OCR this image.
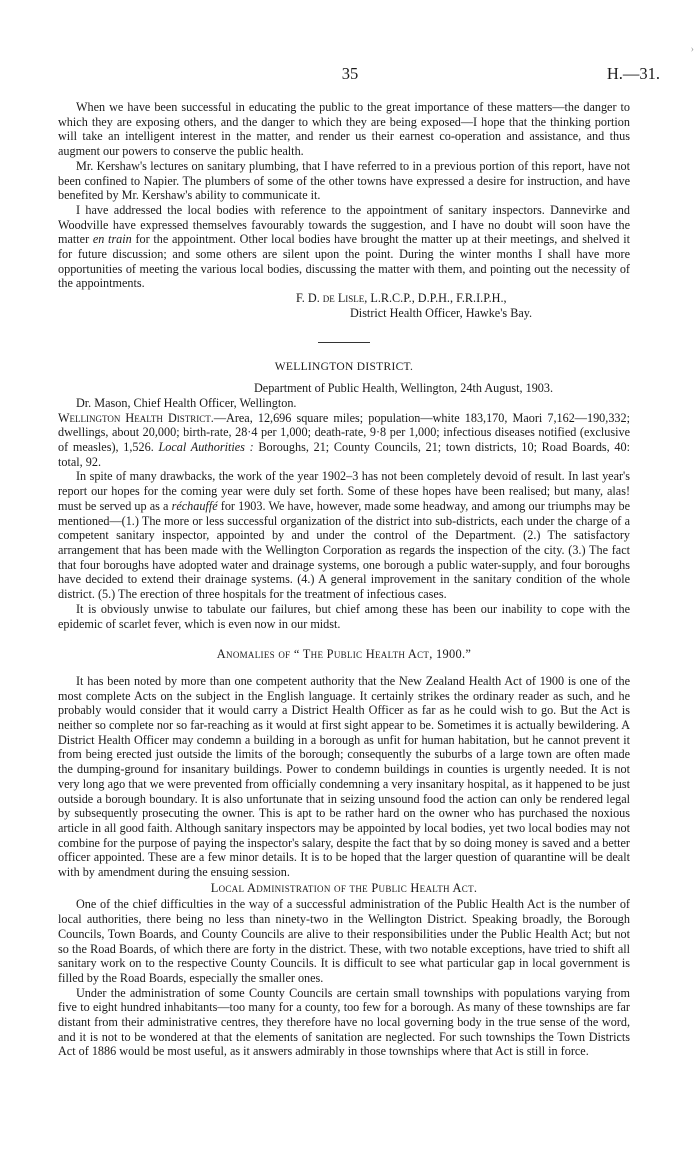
›
35	H.—31.

When we have been successful in educating the public to the great importance of these matters—the danger to which they are exposing others, and the danger to which they are being exposed—I hope that the thinking portion will take an intelligent interest in the matter, and render us their earnest co-operation and assistance, and thus augment our powers to conserve the public health.

Mr. Kershaw's lectures on sanitary plumbing, that I have referred to in a previous portion of this report, have not been confined to Napier. The plumbers of some of the other towns have expressed a desire for instruction, and have benefited by Mr. Kershaw's ability to communicate it.

I have addressed the local bodies with reference to the appointment of sanitary inspectors. Dannevirke and Woodville have expressed themselves favourably towards the suggestion, and I have no doubt will soon have the matter en train for the appointment. Other local bodies have brought the matter up at their meetings, and shelved it for future discussion; and some others are silent upon the point. During the winter months I shall have more opportunities of meeting the various local bodies, discussing the matter with them, and pointing out the necessity of the appointments.

F. D. de Lisle, L.R.C.P., D.P.H., F.R.I.P.H.,
District Health Officer, Hawke's Bay.
WELLINGTON DISTRICT.
Department of Public Health, Wellington, 24th August, 1903.
Dr. Mason, Chief Health Officer, Wellington.

Wellington Health District.—Area, 12,696 square miles; population—white 183,170, Maori 7,162—190,332; dwellings, about 20,000; birth-rate, 28·4 per 1,000; death-rate, 9·8 per 1,000; infectious diseases notified (exclusive of measles), 1,526. Local Authorities : Boroughs, 21; County Councils, 21; town districts, 10; Road Boards, 40: total, 92.

In spite of many drawbacks, the work of the year 1902–3 has not been completely devoid of result. In last year's report our hopes for the coming year were duly set forth. Some of these hopes have been realised; but many, alas! must be served up as a réchauffé for 1903. We have, however, made some headway, and among our triumphs may be mentioned—(1.) The more or less successful organization of the district into sub-districts, each under the charge of a competent sanitary inspector, appointed by and under the control of the Department. (2.) The satisfactory arrangement that has been made with the Wellington Corporation as regards the inspection of the city. (3.) The fact that four boroughs have adopted water and drainage systems, one borough a public water-supply, and four boroughs have decided to extend their drainage systems. (4.) A general improvement in the sanitary condition of the whole district. (5.) The erection of three hospitals for the treatment of infectious cases.

It is obviously unwise to tabulate our failures, but chief among these has been our inability to cope with the epidemic of scarlet fever, which is even now in our midst.

Anomalies of “ The Public Health Act, 1900.”

It has been noted by more than one competent authority that the New Zealand Health Act of 1900 is one of the most complete Acts on the subject in the English language. It certainly strikes the ordinary reader as such, and he probably would consider that it would carry a District Health Officer as far as he could wish to go. But the Act is neither so complete nor so far-reaching as it would at first sight appear to be. Sometimes it is actually bewildering. A District Health Officer may condemn a building in a borough as unfit for human habitation, but he cannot prevent it from being erected just outside the limits of the borough; consequently the suburbs of a large town are often made the dumping-ground for insanitary buildings. Power to condemn buildings in counties is urgently needed. It is not very long ago that we were prevented from officially condemning a very insanitary hospital, as it happened to be just outside a borough boundary. It is also unfortunate that in seizing unsound food the action can only be rendered legal by subsequently prosecuting the owner. This is apt to be rather hard on the owner who has purchased the noxious article in all good faith. Although sanitary inspectors may be appointed by local bodies, yet two local bodies may not combine for the purpose of paying the inspector's salary, despite the fact that by so doing money is saved and a better officer appointed. These are a few minor details. It is to be hoped that the larger question of quarantine will be dealt with by amendment during the ensuing session.

Local Administration of the Public Health Act.

One of the chief difficulties in the way of a successful administration of the Public Health Act is the number of local authorities, there being no less than ninety-two in the Wellington District. Speaking broadly, the Borough Councils, Town Boards, and County Councils are alive to their responsibilities under the Public Health Act; but not so the Road Boards, of which there are forty in the district. These, with two notable exceptions, have tried to shift all sanitary work on to the respective County Councils. It is difficult to see what particular gap in local government is filled by the Road Boards, especially the smaller ones.

Under the administration of some County Councils are certain small townships with populations varying from five to eight hundred inhabitants—too many for a county, too few for a borough. As many of these townships are far distant from their administrative centres, they therefore have no local governing body in the true sense of the word, and it is not to be wondered at that the elements of sanitation are neglected. For such townships the Town Districts Act of 1886 would be most useful, as it answers admirably in those townships where that Act is still in force.
